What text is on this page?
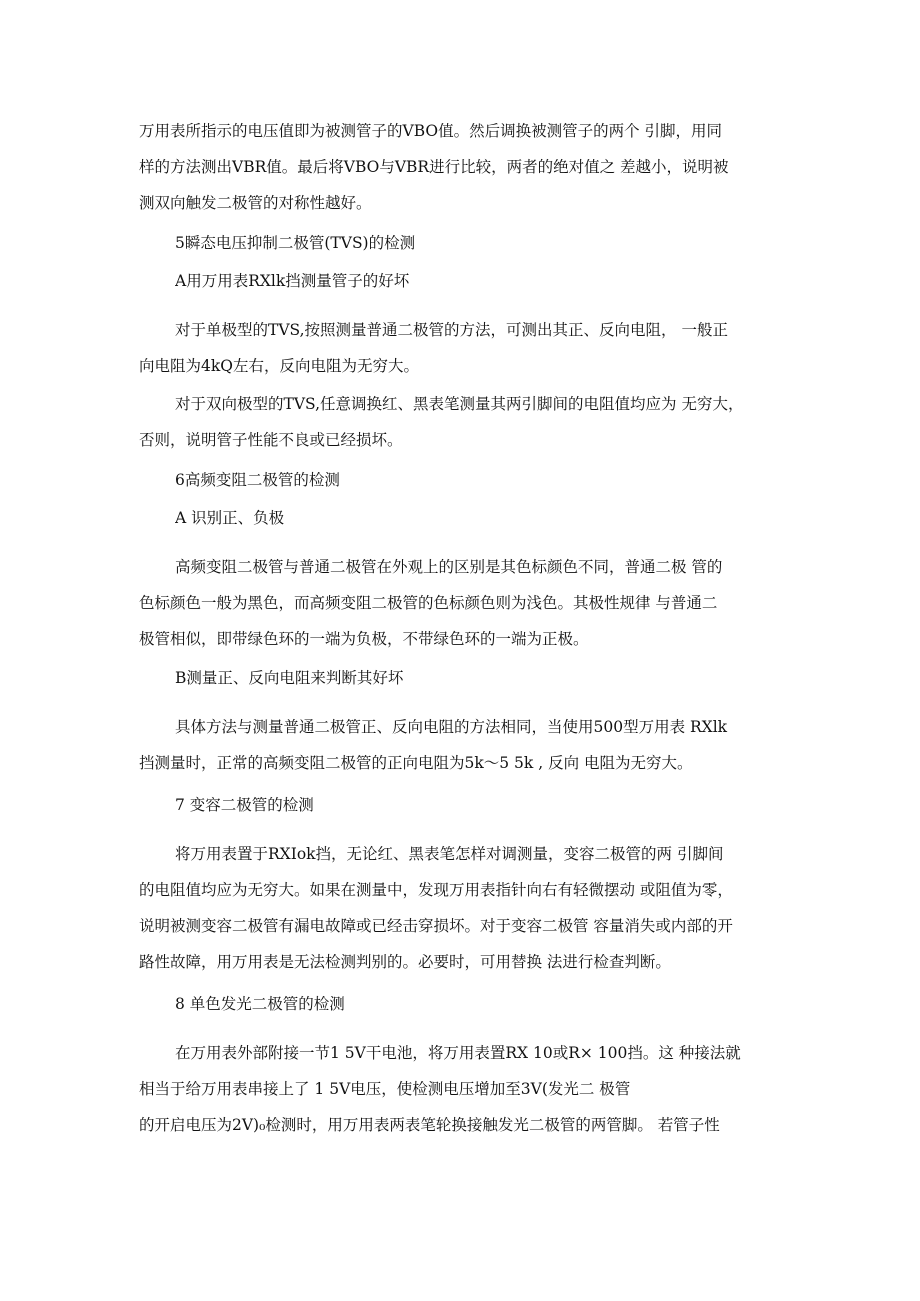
万用表所指示的电压值即为被测管子的VBO值。然后调换被测管子的两个 引脚，用同
样的方法测出VBR值。最后将VBO与VBR进行比较，两者的绝对值之 差越小，说明被
测双向触发二极管的对称性越好。
5瞬态电压抑制二极管(TVS)的检测
A用万用表RXlk挡测量管子的好坏
对于单极型的TVS,按照测量普通二极管的方法，可测出其正、反向电阻， 一般正
向电阻为4kQ左右，反向电阻为无穷大。
对于双向极型的TVS,任意调换红、黑表笔测量其两引脚间的电阻值均应为 无穷大，
否则，说明管子性能不良或已经损坏。
6高频变阻二极管的检测
A 识别正、负极
高频变阻二极管与普通二极管在外观上的区别是其色标颜色不同，普通二极 管的
色标颜色一般为黑色，而高频变阻二极管的色标颜色则为浅色。其极性规律 与普通二
极管相似，即带绿色环的一端为负极，不带绿色环的一端为正极。
B测量正、反向电阻来判断其好坏
具体方法与测量普通二极管正、反向电阻的方法相同，当使用500型万用表 RXlk
挡测量时，正常的高频变阻二极管的正向电阻为5k～5 5k , 反向 电阻为无穷大。
7 变容二极管的检测
将万用表置于RXIok挡，无论红、黑表笔怎样对调测量，变容二极管的两 引脚间
的电阻值均应为无穷大。如果在测量中，发现万用表指针向右有轻微摆动 或阻值为零，
说明被测变容二极管有漏电故障或已经击穿损坏。对于变容二极管 容量消失或内部的开
路性故障，用万用表是无法检测判别的。必要时，可用替换 法进行检查判断。
8 单色发光二极管的检测
在万用表外部附接一节1 5V干电池，将万用表置RX 10或R× 100挡。这 种接法就
相当于给万用表串接上了 1 5V电压，使检测电压增加至3V(发光二 极管
的开启电压为2V)₀检测时，用万用表两表笔轮换接触发光二极管的两管脚。 若管子性
